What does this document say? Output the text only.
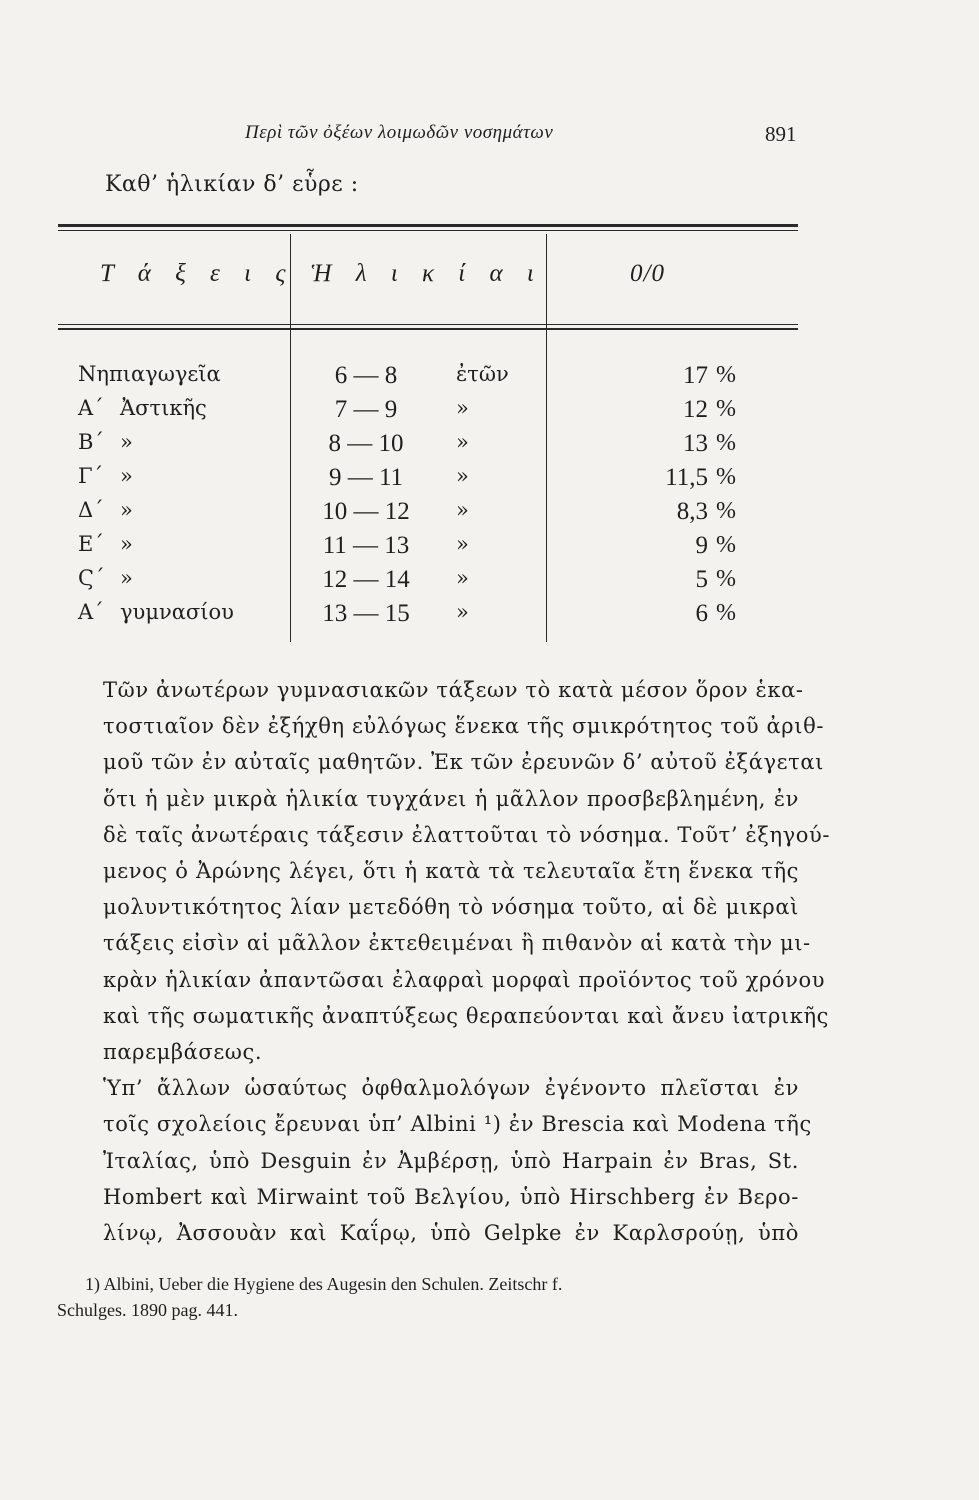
Περὶ τῶν ὀξέων λοιμωδῶν νοσημάτων	891
Καθ’ ἡλικίαν δ’ εὗρε :
Τ ά ξ ε ι ς Ἡ λ ι κ ί α ι	0/0
Νηπιαγωγεῖα	6 — 8	ἐτῶν	17 %
Α΄ Ἀστικῆς	7 — 9	»	12 %
Β΄ »	8 — 10	»	13 %
Γ΄ »	9 — 11	»	11,5 %
Δ΄ »	10 — 12	»	8,3 %
Ε΄ »	11 — 13	»	9 %
Ϛ΄ »	12 — 14	»	5 %
Α΄ γυμνασίου	13 — 15	»	6 %

Τῶν ἀνωτέρων γυμνασιακῶν τάξεων τὸ κατὰ μέσον ὅρον ἑκα-
τοστιαῖον δὲν ἐξήχθη εὐλόγως ἕνεκα τῆς σμικρότητος τοῦ ἀριθ-
μοῦ τῶν ἐν αὐταῖς μαθητῶν. Ἐκ τῶν ἐρευνῶν δ’ αὐτοῦ ἐξάγεται
ὅτι ἡ μὲν μικρὰ ἡλικία τυγχάνει ἡ μᾶλλον προσβεβλημένη, ἐν
δὲ ταῖς ἀνωτέραις τάξεσιν ἐλαττοῦται τὸ νόσημα. Τοῦτ’ ἐξηγού-
μενος ὁ Ἀρώνης λέγει, ὅτι ἡ κατὰ τὰ τελευταῖα ἔτη ἕνεκα τῆς
μολυντικότητος λίαν μετεδόθη τὸ νόσημα τοῦτο, αἱ δὲ μικραὶ
τάξεις εἰσὶν αἱ μᾶλλον ἐκτεθειμέναι ἢ πιθανὸν αἱ κατὰ τὴν μι-
κρὰν ἡλικίαν ἀπαντῶσαι ἐλαφραὶ μορφαὶ προϊόντος τοῦ χρόνου
καὶ τῆς σωματικῆς ἀναπτύξεως θεραπεύονται καὶ ἄνευ ἰατρικῆς
παρεμβάσεως.

Ὑπ’ ἄλλων ὡσαύτως ὀφθαλμολόγων ἐγένοντο πλεῖσται ἐν
τοῖς σχολείοις ἔρευναι ὑπ’ Albini ¹) ἐν Brescia καὶ Modena τῆς
Ἰταλίας, ὑπὸ Desguin ἐν Ἀμβέρσῃ, ὑπὸ Harpain ἐν Bras, St.
Hombert καὶ Mirwaint τοῦ Βελγίου, ὑπὸ Hirschberg ἐν Βερο-
λίνῳ, Ἀσσουὰν καὶ Καΐρῳ, ὑπὸ Gelpke ἐν Καρλσρούῃ, ὑπὸ

1) Albini, Ueber die Hygiene des Augesin den Schulen. Zeitschr f.
Schulges. 1890 pag. 441.
